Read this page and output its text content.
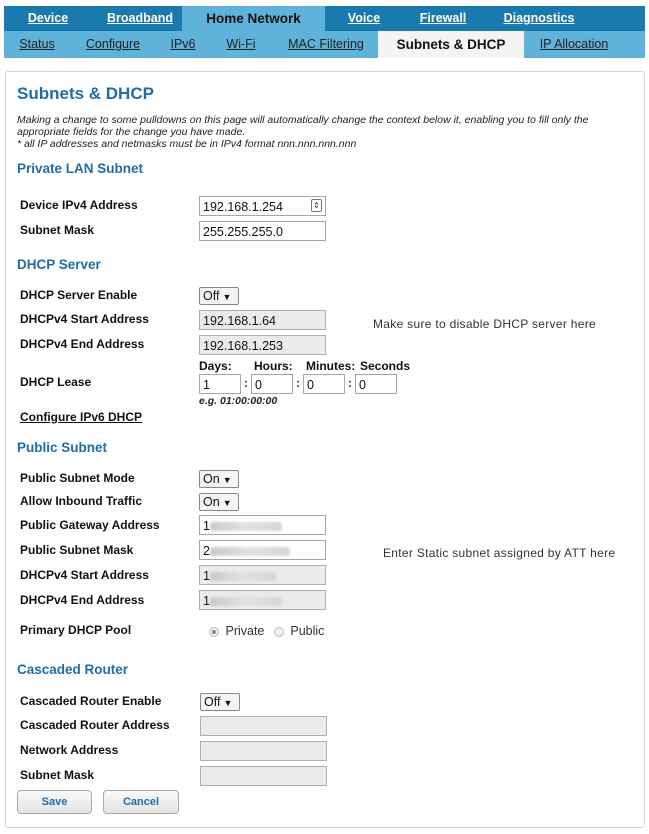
Device	Broadband	Home Network	Voice	Firewall	Diagnostics
Status	Configure	IPv6	Wi-Fi	MAC Filtering	Subnets & DHCP	IP Allocation
Subnets & DHCP
Making a change to some pulldowns on this page will automatically change the context below it, enabling you to fill only the
appropriate fields for the change you have made.
* all IP addresses and netmasks must be in IPv4 format nnn.nnn.nnn.nnn
Private LAN Subnet
Device IPv4 Address	192.168.1.254	⇕
Subnet Mask	255.255.255.0
DHCP Server
DHCP Server Enable	Off ▼
DHCPv4 Start Address	192.168.1.64
DHCPv4 End Address	192.168.1.253
Make sure to disable DHCP server here
Days: Hours: Minutes: Seconds
DHCP Lease	1	: 0	: 0	: 0
e.g. 01:00:00:00
Configure IPv6 DHCP
Public Subnet
Public Subnet Mode	On ▼
Allow Inbound Traffic	On ▼
Public Gateway Address	1
Public Subnet Mask	2	Enter Static subnet assigned by ATT here
DHCPv4 Start Address	1
DHCPv4 End Address	1
Primary DHCP Pool	Private Public
Cascaded Router
Cascaded Router Enable	Off ▼
Cascaded Router Address
Network Address
Subnet Mask
Save	Cancel
